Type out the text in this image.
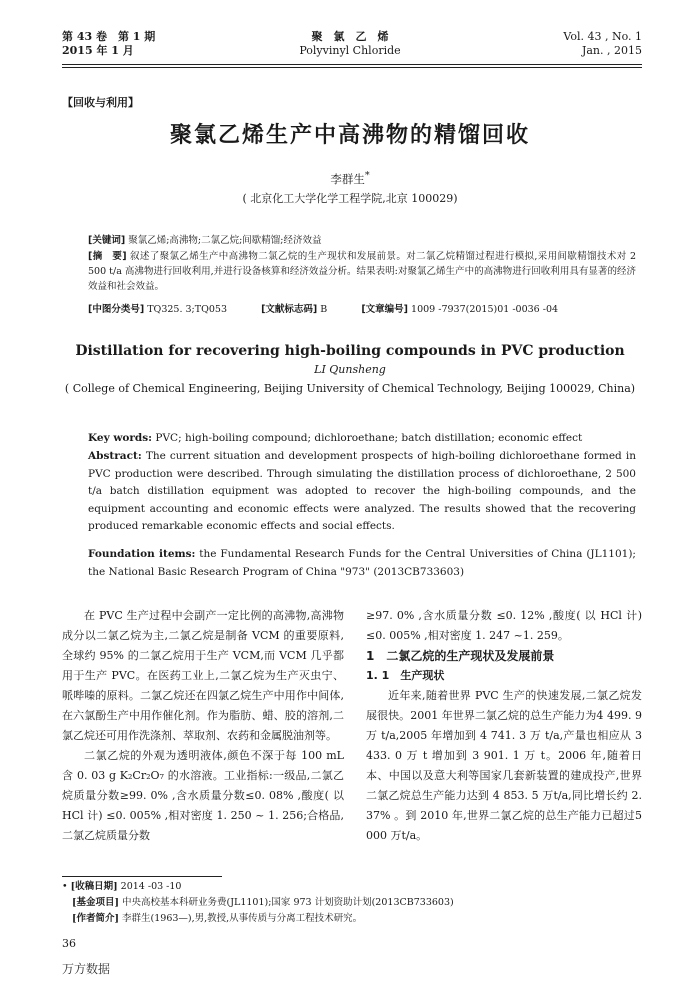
第 43 卷　第 1 期
2015 年 1 月
聚　氯　乙　烯
Polyvinyl Chloride
Vol. 43 , No. 1
Jan. , 2015
【回收与利用】
聚氯乙烯生产中高沸物的精馏回收
李群生*
( 北京化工大学化学工程学院,北京 100029)
[关键词] 聚氯乙烯;高沸物;二氯乙烷;间歇精馏;经济效益
[摘　要] 叙述了聚氯乙烯生产中高沸物二氯乙烷的生产现状和发展前景。对二氯乙烷精馏过程进行模拟,采用间歇精馏技术对 2 500 t/a 高沸物进行回收利用,并进行设备核算和经济效益分析。结果表明:对聚氯乙烯生产中的高沸物进行回收利用具有显著的经济效益和社会效益。
[中图分类号] TQ325. 3;TQ053	[文献标志码] B	[文章编号] 1009 -7937(2015)01 -0036 -04
Distillation for recovering high-boiling compounds in PVC production
LI Qunsheng
( College of Chemical Engineering, Beijing University of Chemical Technology, Beijing 100029, China)
Key words: PVC; high-boiling compound; dichloroethane; batch distillation; economic effect
Abstract: The current situation and development prospects of high-boiling dichloroethane formed in PVC production were described. Through simulating the distillation process of dichloroethane, 2 500 t/a batch distillation equipment was adopted to recover the high-boiling compounds, and the equipment accounting and economic effects were analyzed. The results showed that the recovering produced remarkable economic effects and social effects.
Foundation items: the Fundamental Research Funds for the Central Universities of China (JL1101); the National Basic Research Program of China "973" (2013CB733603)

在 PVC 生产过程中会副产一定比例的高沸物,高沸物成分以二氯乙烷为主,二氯乙烷是制备 VCM 的重要原料,全球约 95% 的二氯乙烷用于生产 VCM,而 VCM 几乎都用于生产 PVC。在医药工业上,二氯乙烷为生产灭虫宁、哌哔嗪的原料。二氯乙烷还在四氯乙烷生产中用作中间体,在六氯酚生产中用作催化剂。作为脂肪、蜡、胶的溶剂,二氯乙烷还可用作洗涤剂、萃取剂、农药和金属脱油剂等。

二氯乙烷的外观为透明液体,颜色不深于每 100 mL 含 0. 03 g K₂Cr₂O₇ 的水溶液。工业指标:一级品,二氯乙烷质量分数≥99. 0% ,含水质量分数≤0. 08% ,酸度( 以 HCl 计) ≤0. 005% ,相对密度 1. 250 ~ 1. 256;合格品,二氯乙烷质量分数

≥97. 0% ,含水质量分数 ≤0. 12% ,酸度( 以 HCl 计) ≤0. 005% ,相对密度 1. 247 ~1. 259。

1　二氯乙烷的生产现状及发展前景

1. 1　生产现状

近年来,随着世界 PVC 生产的快速发展,二氯乙烷发展很快。2001 年世界二氯乙烷的总生产能力为4 499. 9万 t/a,2005 年增加到 4 741. 3 万 t/a,产量也相应从 3 433. 0 万 t 增加到 3 901. 1 万 t。2006 年,随着日本、中国以及意大利等国家几套新装置的建成投产,世界二氯乙烷总生产能力达到 4 853. 5 万t/a,同比增长约 2. 37% 。到 2010 年,世界二氯乙烷的总生产能力已超过5 000 万t/a。

• [收稿日期] 2014 -03 -10
[基金项目] 中央高校基本科研业务费(JL1101);国家 973 计划资助计划(2013CB733603)
[作者简介] 李群生(1963—),男,教授,从事传质与分离工程技术研究。
36
万方数据
